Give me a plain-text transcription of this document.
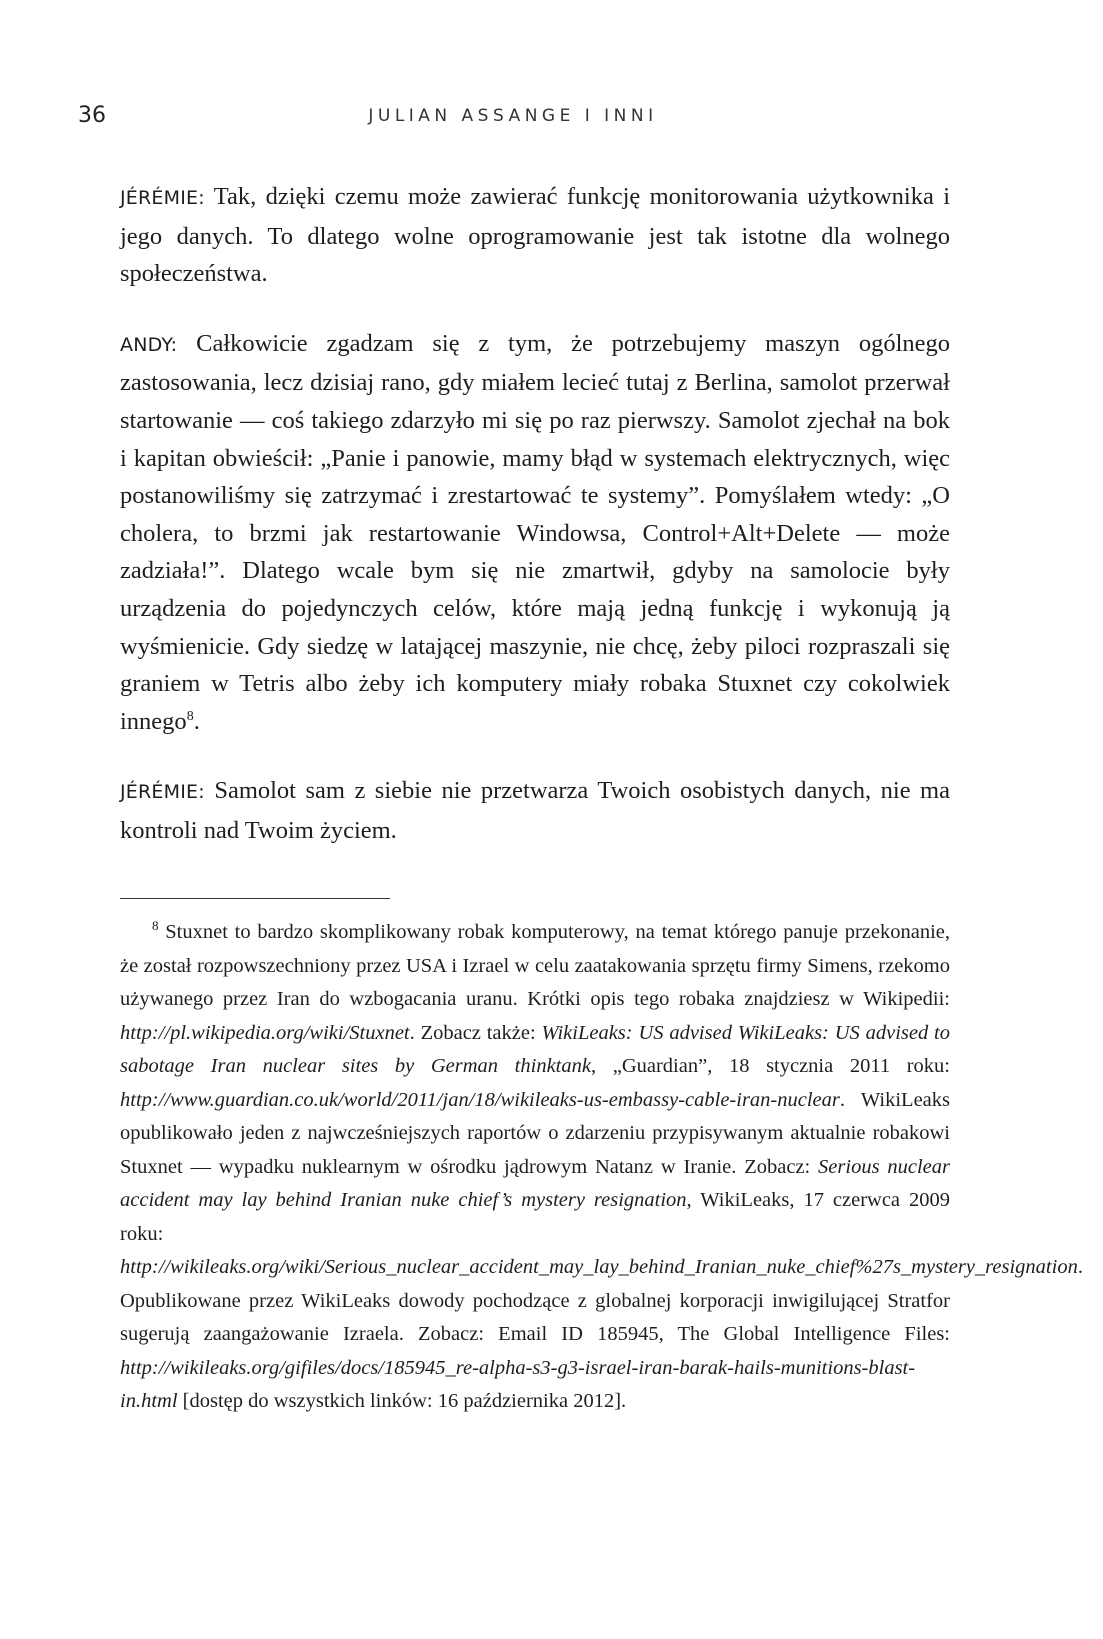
36	JULIAN ASSANGE I INNI

JÉRÉMIE: Tak, dzięki czemu może zawierać funkcję monitorowania użytkownika i jego danych. To dlatego wolne oprogramowanie jest tak istotne dla wolnego społeczeństwa.

ANDY: Całkowicie zgadzam się z tym, że potrzebujemy maszyn ogólnego zastosowania, lecz dzisiaj rano, gdy miałem lecieć tutaj z Berlina, samolot przerwał startowanie — coś takiego zdarzyło mi się po raz pierwszy. Samolot zjechał na bok i kapitan obwieścił: „Panie i panowie, mamy błąd w systemach elektrycznych, więc postanowiliśmy się zatrzymać i zrestartować te systemy”. Pomyślałem wtedy: „O cholera, to brzmi jak restartowanie Windowsa, Control+Alt+Delete — może zadziała!”. Dlatego wcale bym się nie zmartwił, gdyby na samolocie były urządzenia do pojedynczych celów, które mają jedną funkcję i wykonują ją wyśmienicie. Gdy siedzę w latającej maszynie, nie chcę, żeby piloci rozpraszali się graniem w Tetris albo żeby ich komputery miały robaka Stuxnet czy cokolwiek innego$^8$.

JÉRÉMIE: Samolot sam z siebie nie przetwarza Twoich osobistych danych, nie ma kontroli nad Twoim życiem.

8 Stuxnet to bardzo skomplikowany robak komputerowy, na temat którego panuje przekonanie, że został rozpowszechniony przez USA i Izrael w celu zaatakowania sprzętu firmy Simens, rzekomo używanego przez Iran do wzbogacania uranu. Krótki opis tego robaka znajdziesz w Wikipedii: http://pl.wikipedia.org/wiki/Stuxnet. Zobacz także: WikiLeaks: US advised WikiLeaks: US advised to sabotage Iran nuclear sites by German thinktank, „Guardian”, 18 stycznia 2011 roku: http://www.guardian.co.uk/world/2011/jan/18/wikileaks-us-embassy-cable-iran-nuclear. WikiLeaks opublikowało jeden z najwcześniejszych raportów o zdarzeniu przypisywanym aktualnie robakowi Stuxnet — wypadku nuklearnym w ośrodku jądrowym Natanz w Iranie. Zobacz: Serious nuclear accident may lay behind Iranian nuke chief’s mystery resignation, WikiLeaks, 17 czerwca 2009 roku: http://wikileaks.org/wiki/Serious_nuclear_accident_may_lay_behind_Iranian_nuke_chief%27s_mystery_resignation. Opublikowane przez WikiLeaks dowody pochodzące z globalnej korporacji inwigilującej Stratfor sugerują zaangażowanie Izraela. Zobacz: Email ID 185945, The Global Intelligence Files: http://wikileaks.org/gifiles/docs/185945_re-alpha-s3-g3-israel-iran-barak-hails-munitions-blast-in.html [dostęp do wszystkich linków: 16 października 2012].
